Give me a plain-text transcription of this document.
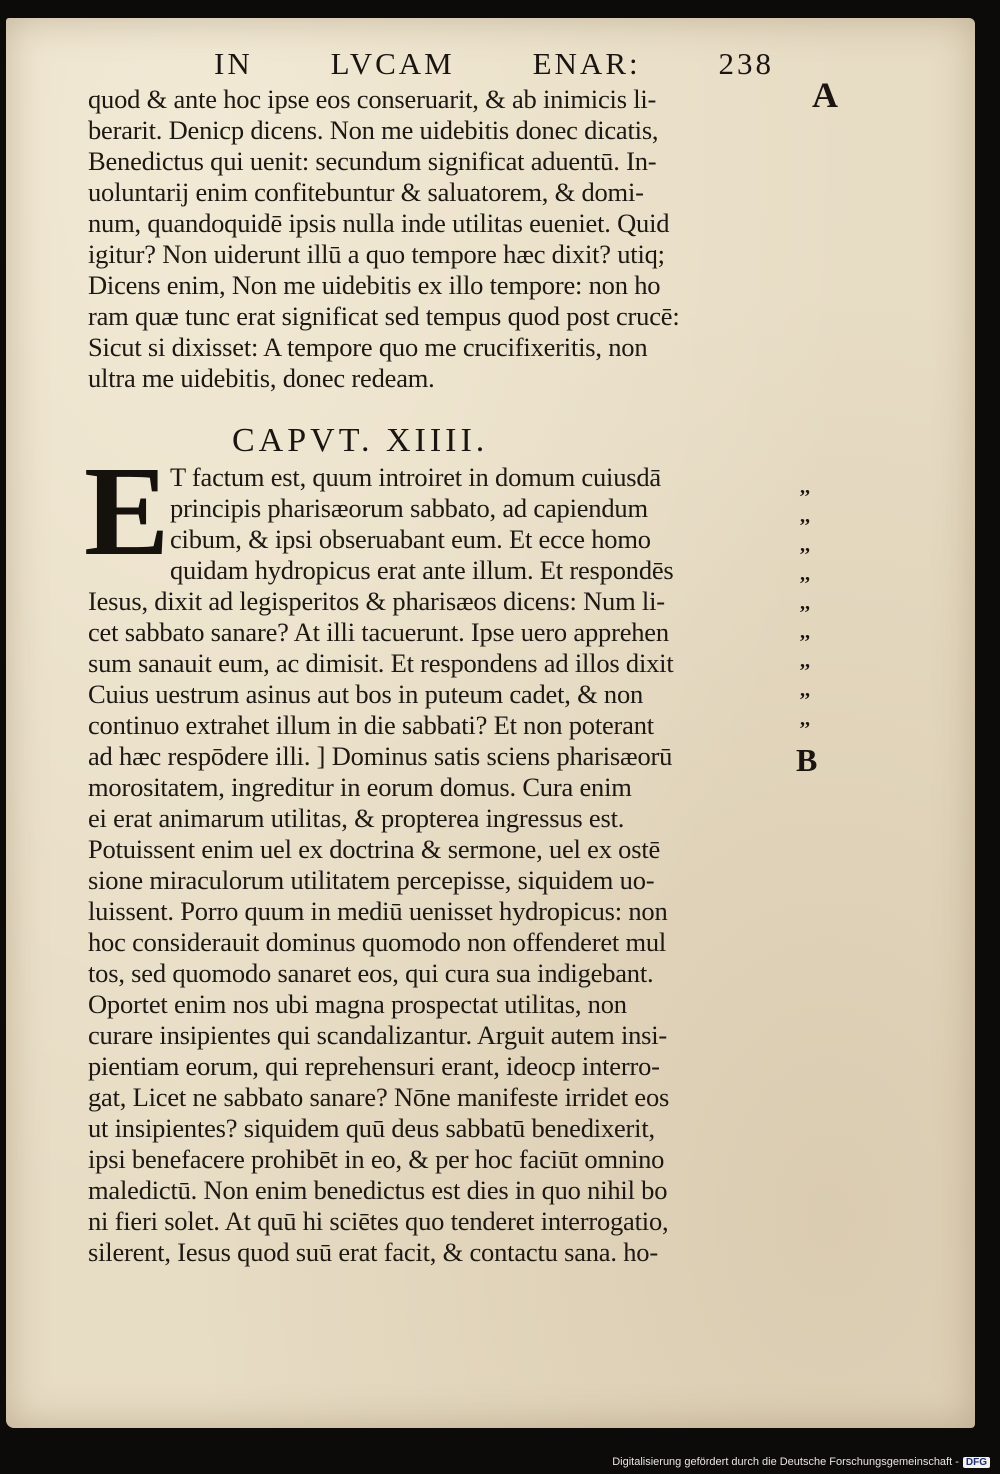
IN	LVCAM	ENAR:	238
A
quod & ante hoc ipse eos conseruarit, & ab inimicis li-
berarit. Denicp dicens. Non me uidebitis donec dicatis,
Benedictus qui uenit: secundum significat aduentū. In-
uoluntarij enim confitebuntur & saluatorem, & domi-
num, quandoquidē ipsis nulla inde utilitas eueniet. Quid
igitur? Non uiderunt illū a quo tempore hæc dixit? utiq;
Dicens enim, Non me uidebitis ex illo tempore: non ho
ram quæ tunc erat significat sed tempus quod post crucē:
Sicut si dixisset: A tempore quo me crucifixeritis, non
ultra me uidebitis, donec redeam.
CAPVT. XIIII.
E T factum est, quum introiret in domum cuiusdā
principis pharisæorum sabbato, ad capiendum
cibum, & ipsi obseruabant eum. Et ecce homo
quidam hydropicus erat ante illum. Et respondēs
Iesus, dixit ad legisperitos & pharisæos dicens: Num li-
cet sabbato sanare? At illi tacuerunt. Ipse uero apprehen
sum sanauit eum, ac dimisit. Et respondens ad illos dixit
Cuius uestrum asinus aut bos in puteum cadet, & non
continuo extrahet illum in die sabbati? Et non poterant
ad hæc respōdere illi. ] Dominus satis sciens pharisæorū
morositatem, ingreditur in eorum domus. Cura enim
ei erat animarum utilitas, & propterea ingressus est.
Potuissent enim uel ex doctrina & sermone, uel ex ostē
sione miraculorum utilitatem percepisse, siquidem uo-
luissent. Porro quum in mediū uenisset hydropicus: non
hoc considerauit dominus quomodo non offenderet mul
tos, sed quomodo sanaret eos, qui cura sua indigebant.
Oportet enim nos ubi magna prospectat utilitas, non
curare insipientes qui scandalizantur. Arguit autem insi-
pientiam eorum, qui reprehensuri erant, ideocp interro-
gat, Licet ne sabbato sanare? Nōne manifeste irridet eos
ut insipientes? siquidem quū deus sabbatū benedixerit,
ipsi benefacere prohibēt in eo, & per hoc faciūt omnino
maledictū. Non enim benedictus est dies in quo nihil bo
ni fieri solet. At quū hi sciētes quo tenderet interrogatio,
silerent, Iesus quod suū erat facit, & contactu sana. ho-
,,
,,
,,
,,
,,
,,
,,
,,
,,
B
Digitalisierung gefördert durch die Deutsche Forschungsgemeinschaft - DFG
